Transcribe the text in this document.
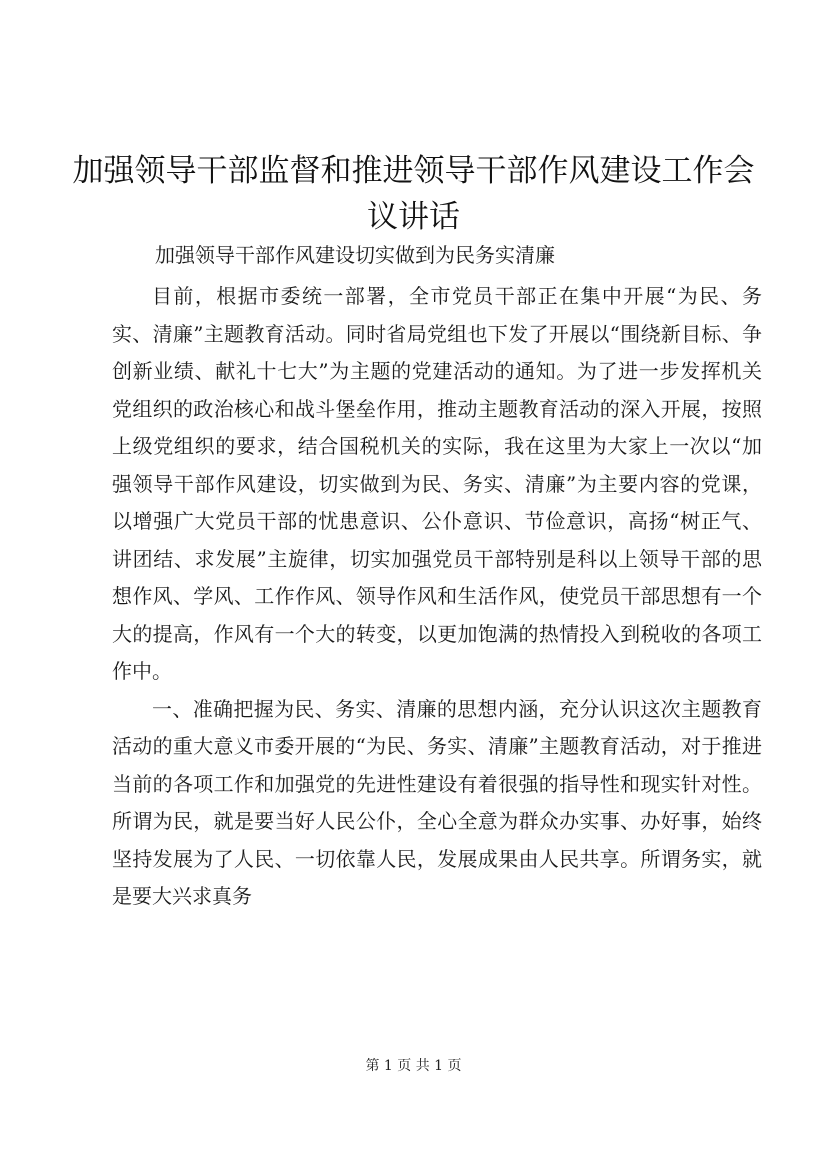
加强领导干部监督和推进领导干部作风建设工作会议讲话

加强领导干部作风建设切实做到为民务实清廉

目前，根据市委统一部署，全市党员干部正在集中开展“为民、务实、清廉”主题教育活动。同时省局党组也下发了开展以“围绕新目标、争创新业绩、献礼十七大”为主题的党建活动的通知。为了进一步发挥机关党组织的政治核心和战斗堡垒作用，推动主题教育活动的深入开展，按照上级党组织的要求，结合国税机关的实际，我在这里为大家上一次以“加强领导干部作风建设，切实做到为民、务实、清廉”为主要内容的党课，以增强广大党员干部的忧患意识、公仆意识、节俭意识，高扬“树正气、讲团结、求发展”主旋律，切实加强党员干部特别是科以上领导干部的思想作风、学风、工作作风、领导作风和生活作风，使党员干部思想有一个大的提高，作风有一个大的转变，以更加饱满的热情投入到税收的各项工作中。

一、准确把握为民、务实、清廉的思想内涵，充分认识这次主题教育活动的重大意义市委开展的“为民、务实、清廉”主题教育活动，对于推进当前的各项工作和加强党的先进性建设有着很强的指导性和现实针对性。所谓为民，就是要当好人民公仆，全心全意为群众办实事、办好事，始终坚持发展为了人民、一切依靠人民，发展成果由人民共享。所谓务实，就是要大兴求真务

第 1 页 共 1 页
